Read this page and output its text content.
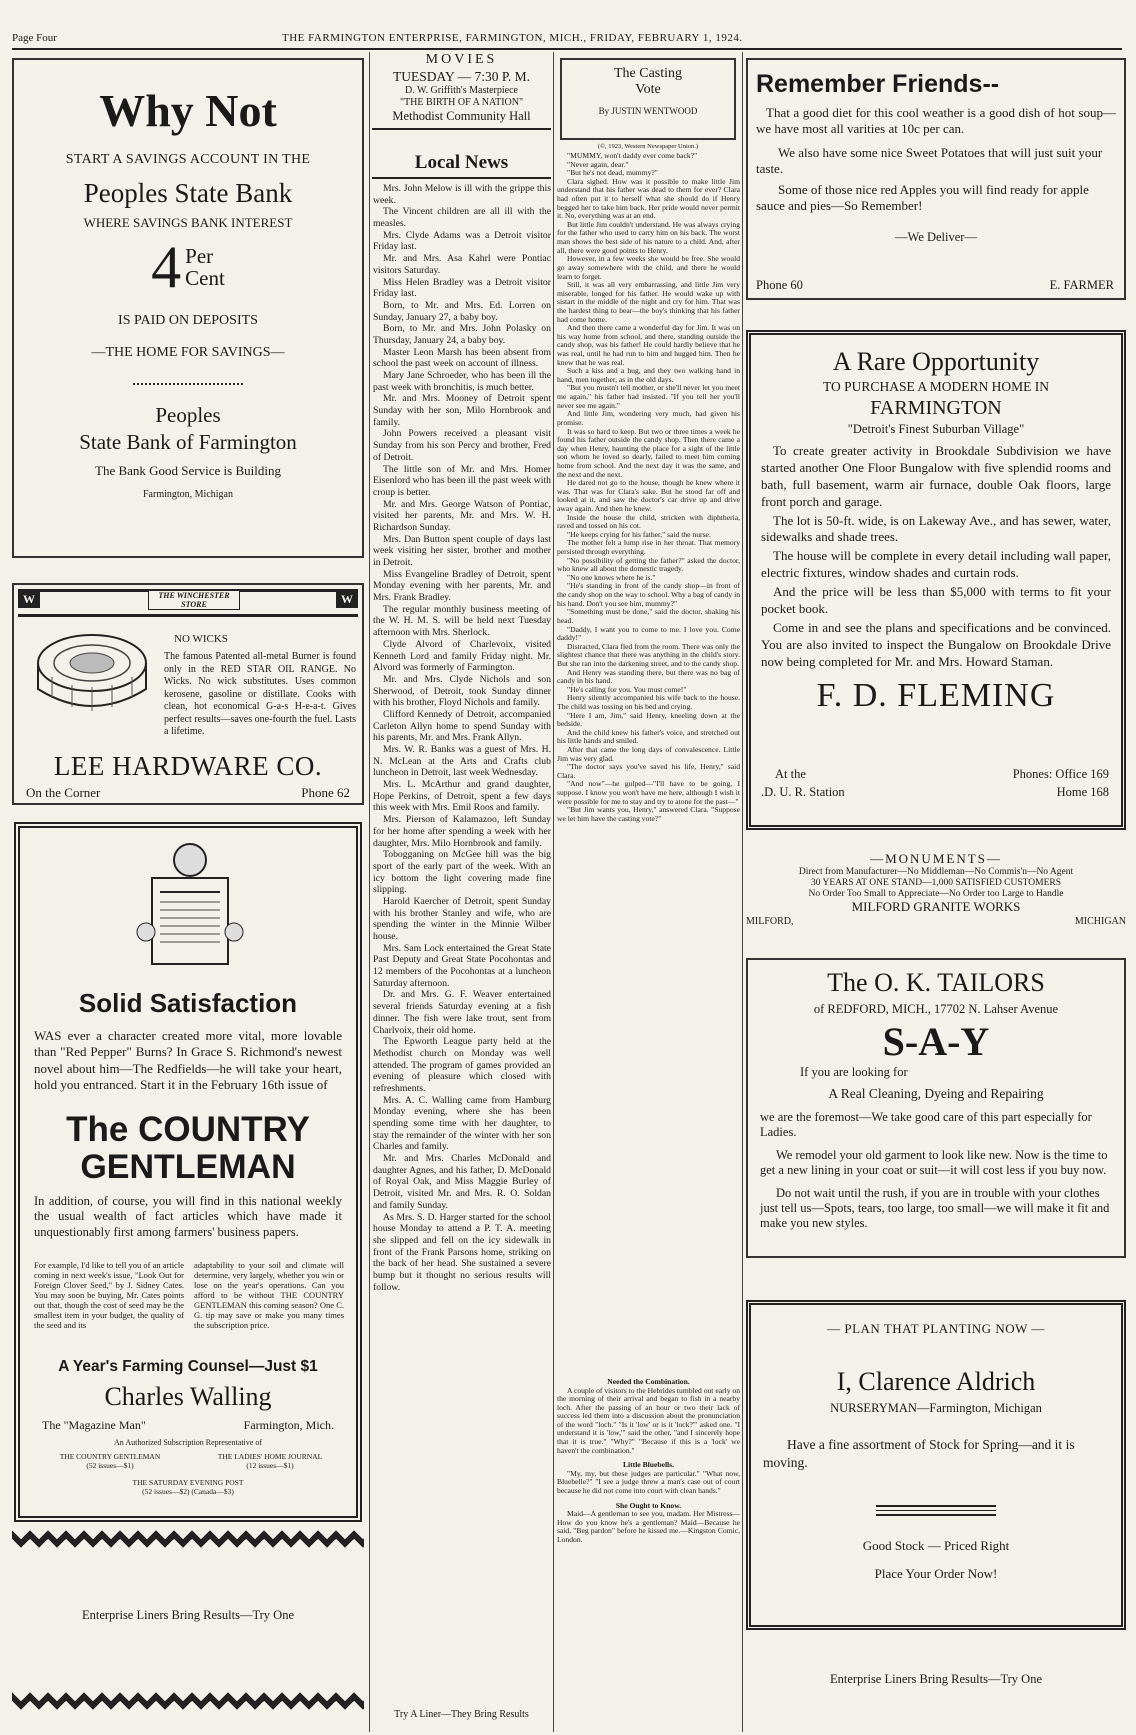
Page Four	THE FARMINGTON ENTERPRISE, FARMINGTON, MICH., FRIDAY, FEBRUARY 1, 1924.
Why Not
START A SAVINGS ACCOUNT IN THE
Peoples State Bank
WHERE SAVINGS BANK INTEREST
4 Per
Cent
IS PAID ON DEPOSITS
—THE HOME FOR SAVINGS—
Peoples
State Bank of Farmington
The Bank Good Service is Building
Farmington, Michigan
W	W
THE WINCHESTER STORE
NO WICKS
The famous Patented all-metal Burner is found only in the RED STAR OIL RANGE. No Wicks. No wick substitutes. Uses common kerosene, gasoline or distillate. Cooks with clean, hot economical G-a-s H-e-a-t. Gives perfect results—saves one-fourth the fuel. Lasts a lifetime.
LEE HARDWARE CO.
On the Corner	Phone 62
Solid Satisfaction
WAS ever a character created more vital, more lovable than "Red Pepper" Burns? In Grace S. Richmond's newest novel about him—The Redfields—he will take your heart, hold you entranced. Start it in the February 16th issue of
The COUNTRY
GENTLEMAN
In addition, of course, you will find in this national weekly the usual wealth of fact articles which have made it unquestionably first among farmers' business papers.
For example, I'd like to tell you of an article coming in next week's issue, "Look Out for Foreign Clover Seed," by J. Sidney Cates. You may soon be buying, Mr. Cates points out that, though the cost of seed may be the smallest item in your budget, the quality of the seed and its
adaptability to your soil and climate will determine, very largely, whether you win or lose on the year's operations. Can you afford to be without THE COUNTRY GENTLEMAN this coming season? One C. G. tip may save or make you many times the subscription price.
A Year's Farming Counsel—Just $1
Charles Walling
The "Magazine Man"	Farmington, Mich.
An Authorized Subscription Representative of
THE COUNTRY GENTLEMAN
(52 issues—$1)
THE LADIES' HOME JOURNAL
(12 issues—$1)
THE SATURDAY EVENING POST
(52 issues—$2) (Canada—$3)
Enterprise Liners Bring Results—Try One
MOVIES
TUESDAY — 7:30 P. M.
D. W. Griffith's Masterpiece
"THE BIRTH OF A NATION"
Methodist Community Hall
Local News

Mrs. John Melow is ill with the grippe this week.

The Vincent children are all ill with the measles.

Mrs. Clyde Adams was a Detroit visitor Friday last.

Mr. and Mrs. Asa Kahrl were Pontiac visitors Saturday.

Miss Helen Bradley was a Detroit visitor Friday last.

Born, to Mr. and Mrs. Ed. Lorren on Sunday, January 27, a baby boy.

Born, to Mr. and Mrs. John Polasky on Thursday, January 24, a baby boy.

Master Leon Marsh has been absent from school the past week on account of illness.

Mary Jane Schroeder, who has been ill the past week with bronchitis, is much better.

Mr. and Mrs. Mooney of Detroit spent Sunday with her son, Milo Hornbrook and family.

John Powers received a pleasant visit Sunday from his son Percy and brother, Fred of Detroit.

The little son of Mr. and Mrs. Homer Eisenlord who has been ill the past week with croup is better.

Mr. and Mrs. George Watson of Pontiac, visited her parents, Mr. and Mrs. W. H. Richardson Sunday.

Mrs. Dan Button spent couple of days last week visiting her sister, brother and mother in Detroit.

Miss Evangeline Bradley of Detroit, spent Monday evening with her parents, Mr. and Mrs. Frank Bradley.

The regular monthly business meeting of the W. H. M. S. will be held next Tuesday afternoon with Mrs. Sherlock.

Clyde Alvord of Charlevoix, visited Kenneth Lord and family Friday night. Mr. Alvord was formerly of Farmington.

Mr. and Mrs. Clyde Nichols and son Sherwood, of Detroit, took Sunday dinner with his brother, Floyd Nichols and family.

Clifford Kennedy of Detroit, accompanied Carleton Allyn home to spend Sunday with his parents, Mr. and Mrs. Frank Allyn.

Mrs. W. R. Banks was a guest of Mrs. H. N. McLean at the Arts and Crafts club luncheon in Detroit, last week Wednesday.

Mrs. L. McArthur and grand daughter, Hope Perkins, of Detroit, spent a few days this week with Mrs. Emil Roos and family.

Mrs. Pierson of Kalamazoo, left Sunday for her home after spending a week with her daughter, Mrs. Milo Hornbrook and family.

Tobogganing on McGee hill was the big sport of the early part of the week. With an icy bottom the light covering made fine slipping.

Harold Kaercher of Detroit, spent Sunday with his brother Stanley and wife, who are spending the winter in the Minnie Wilber house.

Mrs. Sam Lock entertained the Great State Past Deputy and Great State Pocohontas and 12 members of the Pocohontas at a luncheon Saturday afternoon.

Dr. and Mrs. G. F. Weaver entertained several friends Saturday evening at a fish dinner. The fish were lake trout, sent from Charlvoix, their old home.

The Epworth League party held at the Methodist church on Monday was well attended. The program of games provided an evening of pleasure which closed with refreshments.

Mrs. A. C. Walling came from Hamburg Monday evening, where she has been spending some time with her daughter, to stay the remainder of the winter with her son Charles and family.

Mr. and Mrs. Charles McDonald and daughter Agnes, and his father, D. McDonald of Royal Oak, and Miss Maggie Burley of Detroit, visited Mr. and Mrs. R. O. Soldan and family Sunday.

As Mrs. S. D. Harger started for the school house Monday to attend a P. T. A. meeting she slipped and fell on the icy sidewalk in front of the Frank Parsons home, striking on the back of her head. She sustained a severe bump but it thought no serious results will follow.

Try A Liner—They Bring Results
The Casting
Vote
By JUSTIN WENTWOOD
(©, 1923, Western Newspaper Union.)

"MUMMY, won't daddy ever come back?"

"Never again, dear."

"But he's not dead, mummy?"

Clara sighed. How was it possible to make little Jim understand that his father was dead to them for ever? Clara had often put it to herself what she should do if Henry begged her to take him back. Her pride would never permit it. No, everything was at an end.

But little Jim couldn't understand. He was always crying for the father who used to carry him on his back. The worst man shows the best side of his nature to a child. And, after all, there were good points to Henry.

However, in a few weeks she would be free. She would go away somewhere with the child, and there he would learn to forget.

Still, it was all very embarrassing, and little Jim very miserable, longed for his father. He would wake up with sistart in the middle of the night and cry for him. That was the hardest thing to bear—the boy's thinking that his father had come home.

And then there came a wonderful day for Jim. It was on his way home from school, and there, standing outside the candy shop, was his father! He could hardly believe that he was real, until he had run to him and hugged him. Then he knew that he was real.

Such a kiss and a hug, and they two walking hand in hand, men together, as in the old days.

"But you mustn't tell mother, or she'll never let you meet me again," his father had insisted. "If you tell her you'll never see me again."

And little Jim, wondering very much, had given his promise.

It was so hard to keep. But two or three times a week he found his father outside the candy shop. Then there came a day when Henry, haunting the place for a sight of the little son whom he loved so dearly, failed to meet him coming home from school. And the next day it was the same, and the next and the next.

He dared not go to the house, though he knew where it was. That was for Clara's sake. But he stood far off and looked at it, and saw the doctor's car drive up and drive away again. And then he knew.

Inside the house the child, stricken with diphtheria, raved and tossed on his cot.

"He keeps crying for his father," said the nurse.

The mother felt a lump rise in her throat. That memory persisted through everything.

"No possibility of getting the father?" asked the doctor, who knew all about the domestic tragedy.

"No one knows where he is."

"He's standing in front of the candy shop—in front of the candy shop on the way to school. Why a bag of candy in his hand. Don't you see him, mummy?"

"Something must be done," said the doctor, shaking his head.

"Daddy, I want you to come to me. I love you. Come daddy!"

Distracted, Clara fled from the room. There was only the slightest chance that there was anything in the child's story. But she ran into the darkening street, and to the candy shop.

And Henry was standing there, but there was no bag of candy in his hand.

"He's calling for you. You must come!"

Henry silently accompanied his wife back to the house. The child was tossing on his bed and crying.

"Here I am, Jim," said Henry, kneeling down at the bedside.

And the child knew his father's voice, and stretched out his little hands and smiled.

After that came the long days of convalescence. Little Jim was very glad.

"The doctor says you've saved his life, Henry," said Clara.

"And now"—he gulped—"I'll have to be going, I suppose. I know you won't have me here, although I wish it were possible for me to stay and try to atone for the past—"

"But Jim wants you, Henry," answered Clara. "Suppose we let him have the casting vote?"

Needed the Combination.
A couple of visitors to the Hebrides tumbled out early on the morning of their arrival and began to fish in a nearby loch. After the passing of an hour or two their lack of success led them into a discussion about the pronunciation of the word "loch." "Is it 'low' or is it 'lock?'" asked one. "I understand it is 'low,'" said the other, "and I sincerely hope that it is true." "Why?" "Because if this is a 'lock' we haven't the combination."
Little Bluebells.
"My, my, but these judges are particular." "What now, Bluebelle?" "I see a judge threw a man's case out of court because he did not come into court with clean hands."
She Ought to Know.
Maid—A gentleman to see you, madam. Her Mistress—How do you know he's a gentleman? Maid—Because he said, "Beg pardon" before he kissed me.—Kingston Comic, London.
Remember Friends--
That a good diet for this cool weather is a good dish of hot soup—we have most all varities at 10c per can.
We also have some nice Sweet Potatoes that will just suit your taste.
Some of those nice red Apples you will find ready for apple sauce and pies—So Remember!
—We Deliver—
Phone 60	E. FARMER
A Rare Opportunity
TO PURCHASE A MODERN HOME IN
FARMINGTON
"Detroit's Finest Suburban Village"
To create greater activity in Brookdale Subdivision we have started another One Floor Bungalow with five splendid rooms and bath, full basement, warm air furnace, double Oak floors, large front porch and garage.
The lot is 50-ft. wide, is on Lakeway Ave., and has sewer, water, sidewalks and shade trees.
The house will be complete in every detail including wall paper, electric fixtures, window shades and curtain rods.
And the price will be less than $5,000 with terms to fit your pocket book.
Come in and see the plans and specifications and be convinced. You are also invited to inspect the Bungalow on Brookdale Drive now being completed for Mr. and Mrs. Howard Staman.
F. D. FLEMING
At the
.D. U. R. Station
Phones: Office 169
Home 168
—MONUMENTS—
Direct from Manufacturer—No Middleman—No Commis'n—No Agent
30 YEARS AT ONE STAND—1,000 SATISFIED CUSTOMERS
No Order Too Small to Appreciate—No Order too Large to Handle
MILFORD,
MILFORD GRANITE WORKS
MICHIGAN
The O. K. TAILORS
of REDFORD, MICH., 17702 N. Lahser Avenue
S-A-Y
If you are looking for
A Real Cleaning, Dyeing and Repairing
we are the foremost—We take good care of this part especially for Ladies.
We remodel your old garment to look like new. Now is the time to get a new lining in your coat or suit—it will cost less if you buy now.
Do not wait until the rush, if you are in trouble with your clothes just tell us—Spots, tears, too large, too small—we will make it fit and make you new styles.
— PLAN THAT PLANTING NOW —
I, Clarence Aldrich
NURSERYMAN—Farmington, Michigan
Have a fine assortment of Stock for Spring—and it is moving.
Good Stock — Priced Right
Place Your Order Now!
Enterprise Liners Bring Results—Try One
